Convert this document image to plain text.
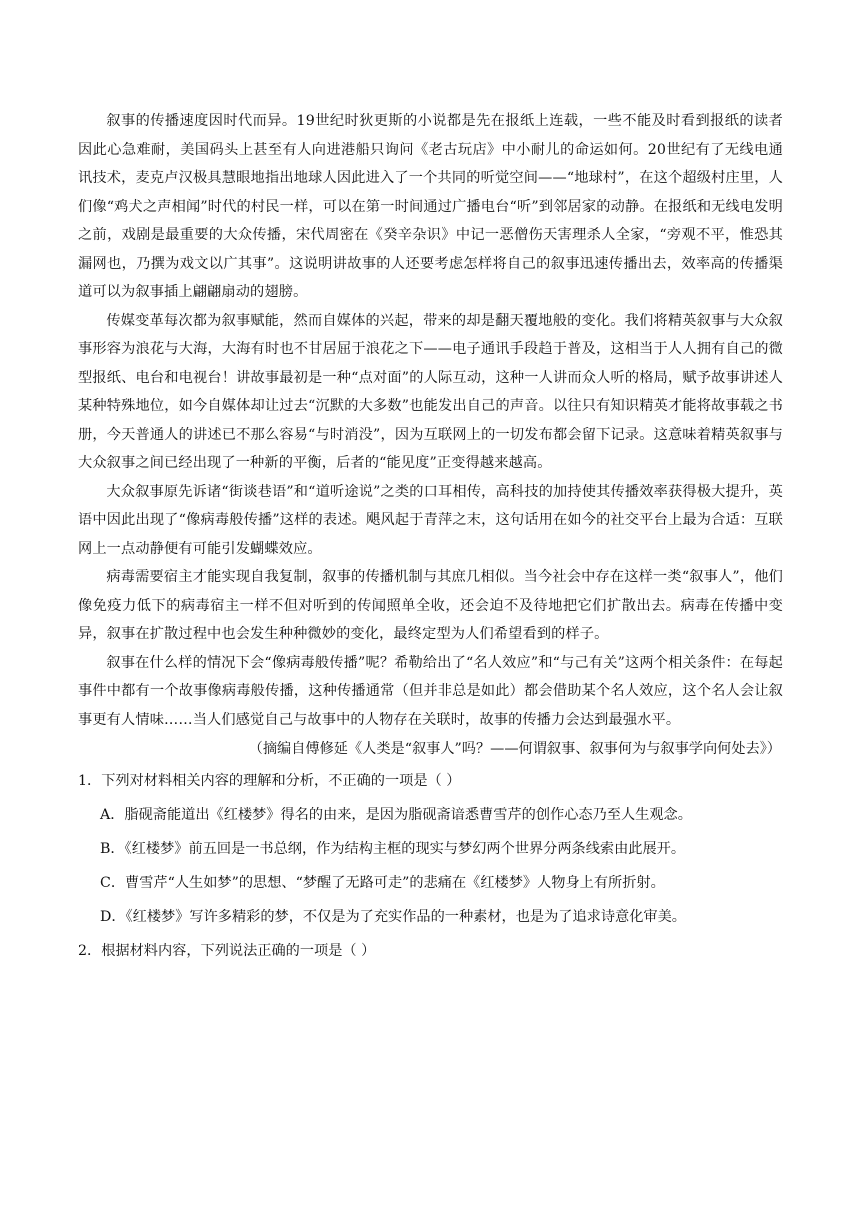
叙事的传播速度因时代而异。19世纪时狄更斯的小说都是先在报纸上连载，一些不能及时看到报纸的读者因此心急难耐，美国码头上甚至有人向进港船只询问《老古玩店》中小耐儿的命运如何。20世纪有了无线电通讯技术，麦克卢汉极具慧眼地指出地球人因此进入了一个共同的听觉空间——“地球村”，在这个超级村庄里，人们像“鸡犬之声相闻”时代的村民一样，可以在第一时间通过广播电台“听”到邻居家的动静。在报纸和无线电发明之前，戏剧是最重要的大众传播，宋代周密在《癸辛杂识》中记一恶僧伤天害理杀人全家，“旁观不平，惟恐其漏网也，乃撰为戏文以广其事”。这说明讲故事的人还要考虑怎样将自己的叙事迅速传播出去，效率高的传播渠道可以为叙事插上翩翩扇动的翅膀。

传媒变革每次都为叙事赋能，然而自媒体的兴起，带来的却是翻天覆地般的变化。我们将精英叙事与大众叙事形容为浪花与大海，大海有时也不甘居屈于浪花之下——电子通讯手段趋于普及，这相当于人人拥有自己的微型报纸、电台和电视台！讲故事最初是一种“点对面”的人际互动，这种一人讲而众人听的格局，赋予故事讲述人某种特殊地位，如今自媒体却让过去“沉默的大多数”也能发出自己的声音。以往只有知识精英才能将故事载之书册，今天普通人的讲述已不那么容易“与时消没”，因为互联网上的一切发布都会留下记录。这意味着精英叙事与大众叙事之间已经出现了一种新的平衡，后者的“能见度”正变得越来越高。

大众叙事原先诉诸“街谈巷语”和“道听途说”之类的口耳相传，高科技的加持使其传播效率获得极大提升，英语中因此出现了“像病毒般传播”这样的表述。飓风起于青萍之末，这句话用在如今的社交平台上最为合适：互联网上一点动静便有可能引发蝴蝶效应。

病毒需要宿主才能实现自我复制，叙事的传播机制与其庶几相似。当今社会中存在这样一类“叙事人”，他们像免疫力低下的病毒宿主一样不但对听到的传闻照单全收，还会迫不及待地把它们扩散出去。病毒在传播中变异，叙事在扩散过程中也会发生种种微妙的变化，最终定型为人们希望看到的样子。

叙事在什么样的情况下会“像病毒般传播”呢？希勒给出了“名人效应”和“与己有关”这两个相关条件：在每起事件中都有一个故事像病毒般传播，这种传播通常（但并非总是如此）都会借助某个名人效应，这个名人会让叙事更有人情味……当人们感觉自己与故事中的人物存在关联时，故事的传播力会达到最强水平。

（摘编自傅修延《人类是“叙事人”吗？——何谓叙事、叙事何为与叙事学向何处去》）

1．下列对材料相关内容的理解和分析，不正确的一项是（ ）

A．脂砚斋能道出《红楼梦》得名的由来，是因为脂砚斋谙悉曹雪芹的创作心态乃至人生观念。

B．《红楼梦》前五回是一书总纲，作为结构主框的现实与梦幻两个世界分两条线索由此展开。

C．曹雪芹“人生如梦”的思想、“梦醒了无路可走”的悲痛在《红楼梦》人物身上有所折射。

D．《红楼梦》写许多精彩的梦，不仅是为了充实作品的一种素材，也是为了追求诗意化审美。

2．根据材料内容，下列说法正确的一项是（ ）
